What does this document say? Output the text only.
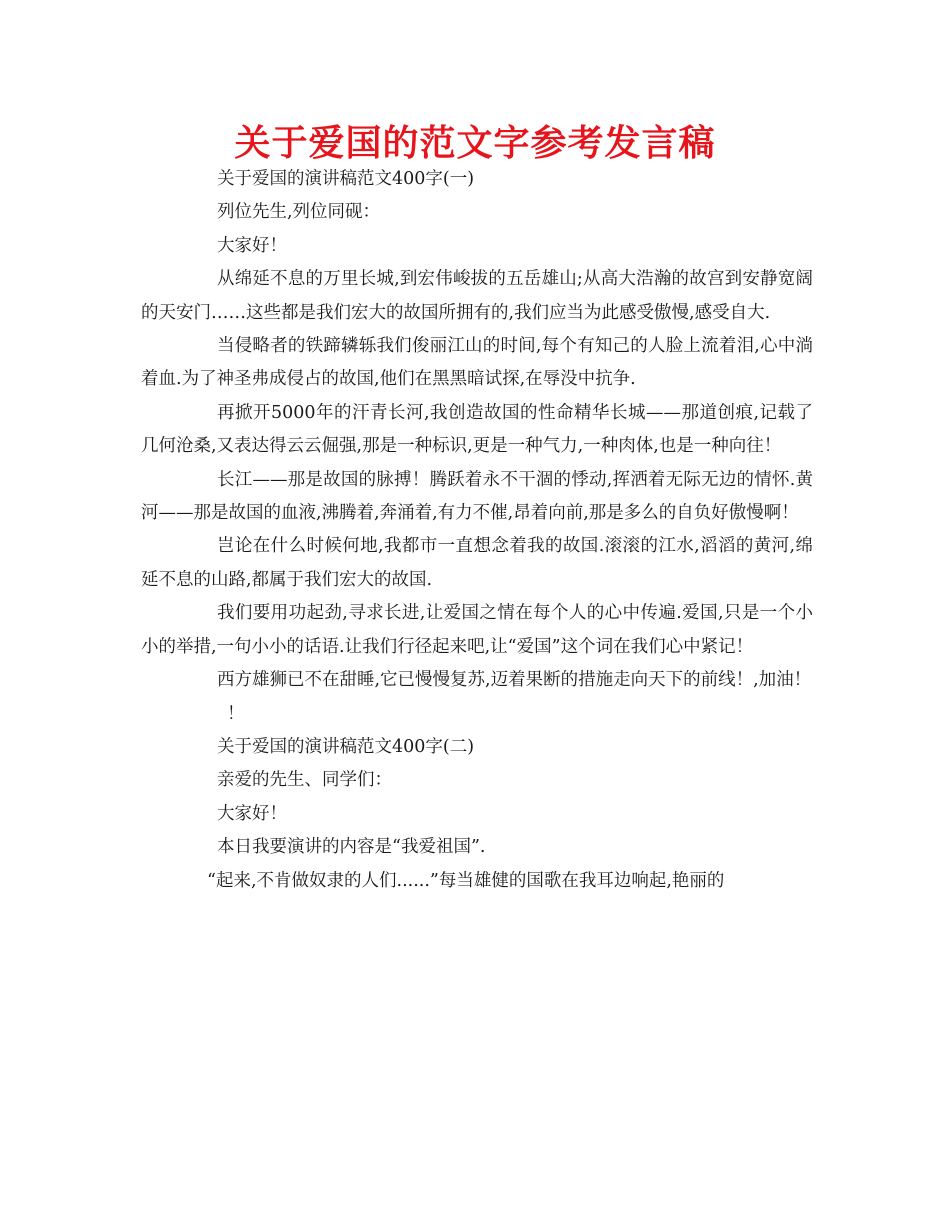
关于爱国的范文字参考发言稿

关于爱国的演讲稿范文400字(一)

列位先生,列位同砚：

大家好！

从绵延不息的万里长城,到宏伟峻拔的五岳雄山;从高大浩瀚的故宫到安静宽阔的天安门……这些都是我们宏大的故国所拥有的,我们应当为此感受傲慢,感受自大.

当侵略者的铁蹄辚轹我们俊丽江山的时间,每个有知己的人脸上流着泪,心中淌着血.为了神圣弗成侵占的故国,他们在黑黑暗试探,在辱没中抗争.

再掀开5000年的汗青长河,我创造故国的性命精华长城——那道创痕,记载了几何沧桑,又表达得云云倔强,那是一种标识,更是一种气力,一种肉体,也是一种向往！

长江——那是故国的脉搏！腾跃着永不干涸的悸动,挥洒着无际无边的情怀.黄河——那是故国的血液,沸腾着,奔涌着,有力不催,昂着向前,那是多么的自负好傲慢啊！

岂论在什么时候何地,我都市一直想念着我的故国.滚滚的江水,滔滔的黄河,绵延不息的山路,都属于我们宏大的故国.

我们要用功起劲,寻求长进,让爱国之情在每个人的心中传遍.爱国,只是一个小小的举措,一句小小的话语.让我们行径起来吧,让“爱国”这个词在我们心中紧记！

西方雄狮已不在甜睡,它已慢慢复苏,迈着果断的措施走向天下的前线！,加油！

！

关于爱国的演讲稿范文400字(二)

亲爱的先生、同学们：

大家好！

本日我要演讲的内容是“我爱祖国”.

“起来,不肯做奴隶的人们......”每当雄健的国歌在我耳边响起,艳丽的
